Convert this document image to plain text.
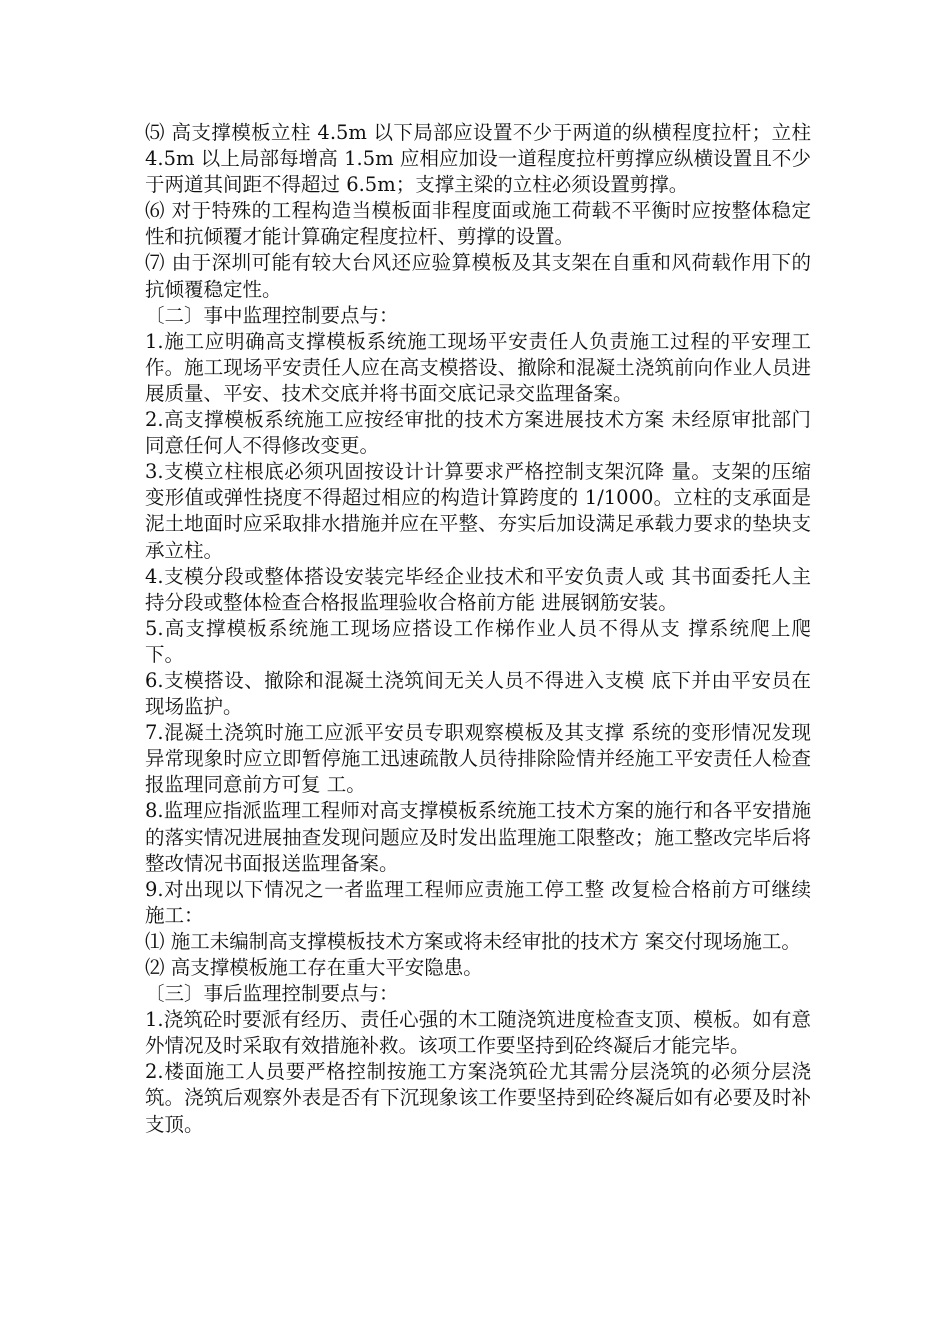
⑸ 高支撑模板立柱 4.5m 以下局部应设置不少于两道的纵横程度拉杆；立柱 4.5m 以上局部每增高 1.5m 应相应加设一道程度拉杆剪撑应纵横设置且不少于两道其间距不得超过 6.5m；支撑主梁的立柱必须设置剪撑。

⑹ 对于特殊的工程构造当模板面非程度面或施工荷载不平衡时应按整体稳定性和抗倾覆才能计算确定程度拉杆、剪撑的设置。

⑺ 由于深圳可能有较大台风还应验算模板及其支架在自重和风荷载作用下的抗倾覆稳定性。

〔二〕事中监理控制要点与：

1.施工应明确高支撑模板系统施工现场平安责任人负责施工过程的平安理工作。施工现场平安责任人应在高支模搭设、撤除和混凝土浇筑前向作业人员进展质量、平安、技术交底并将书面交底记录交监理备案。

2.高支撑模板系统施工应按经审批的技术方案进展技术方案 未经原审批部门同意任何人不得修改变更。

3.支模立柱根底必须巩固按设计计算要求严格控制支架沉降 量。支架的压缩变形值或弹性挠度不得超过相应的构造计算跨度的 1/1000。立柱的支承面是泥土地面时应采取排水措施并应在平整、夯实后加设满足承载力要求的垫块支承立柱。

4.支模分段或整体搭设安装完毕经企业技术和平安负责人或 其书面委托人主持分段或整体检查合格报监理验收合格前方能 进展钢筋安装。

5.高支撑模板系统施工现场应搭设工作梯作业人员不得从支 撑系统爬上爬下。

6.支模搭设、撤除和混凝土浇筑间无关人员不得进入支模 底下并由平安员在现场监护。

7.混凝土浇筑时施工应派平安员专职观察模板及其支撑 系统的变形情况发现异常现象时应立即暂停施工迅速疏散人员待排除险情并经施工平安责任人检查报监理同意前方可复 工。

8.监理应指派监理工程师对高支撑模板系统施工技术方案的施行和各平安措施的落实情况进展抽查发现问题应及时发出监理施工限整改；施工整改完毕后将整改情况书面报送监理备案。

9.对出现以下情况之一者监理工程师应责施工停工整 改复检合格前方可继续施工：

⑴ 施工未编制高支撑模板技术方案或将未经审批的技术方 案交付现场施工。

⑵ 高支撑模板施工存在重大平安隐患。

〔三〕事后监理控制要点与：

1.浇筑砼时要派有经历、责任心强的木工随浇筑进度检查支顶、模板。如有意外情况及时采取有效措施补救。该项工作要坚持到砼终凝后才能完毕。

2.楼面施工人员要严格控制按施工方案浇筑砼尤其需分层浇筑的必须分层浇筑。浇筑后观察外表是否有下沉现象该工作要坚持到砼终凝后如有必要及时补支顶。
